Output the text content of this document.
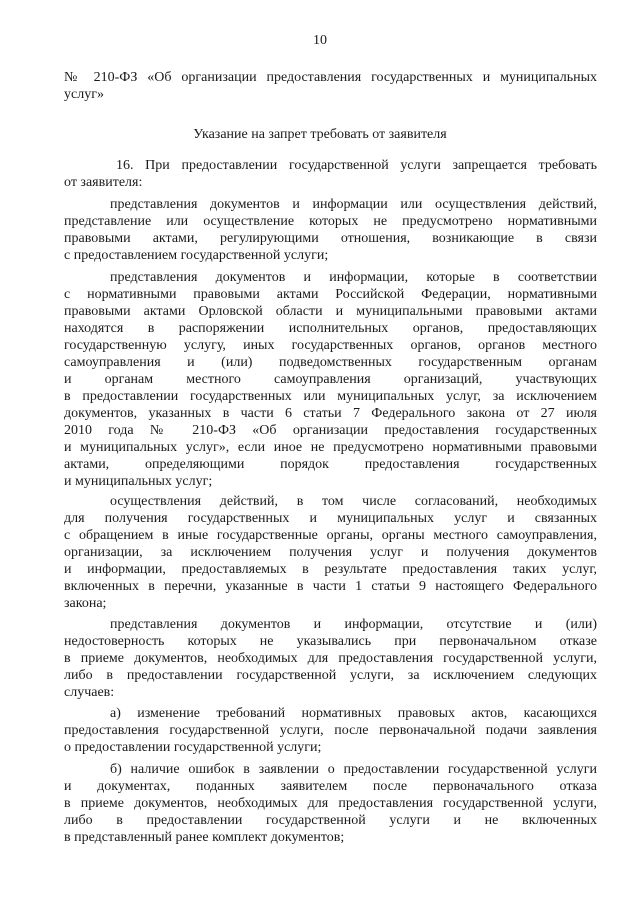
10
№ 210-ФЗ «Об организации предоставления государственных и муниципальных
услуг»
Указание на запрет требовать от заявителя
16. При предоставлении государственной услуги запрещается требовать
от заявителя:
представления документов и информации или осуществления действий,
представление или осуществление которых не предусмотрено нормативными
правовыми актами, регулирующими отношения, возникающие в связи
с предоставлением государственной услуги;
представления документов и информации, которые в соответствии
с нормативными правовыми актами Российской Федерации, нормативными
правовыми актами Орловской области и муниципальными правовыми актами
находятся в распоряжении исполнительных органов, предоставляющих
государственную услугу, иных государственных органов, органов местного
самоуправления и (или) подведомственных государственным органам
и органам местного самоуправления организаций, участвующих
в предоставлении государственных или муниципальных услуг, за исключением
документов, указанных в части 6 статьи 7 Федерального закона от 27 июля
2010 года № 210-ФЗ «Об организации предоставления государственных
и муниципальных услуг», если иное не предусмотрено нормативными правовыми
актами, определяющими порядок предоставления государственных
и муниципальных услуг;
осуществления действий, в том числе согласований, необходимых
для получения государственных и муниципальных услуг и связанных
с обращением в иные государственные органы, органы местного самоуправления,
организации, за исключением получения услуг и получения документов
и информации, предоставляемых в результате предоставления таких услуг,
включенных в перечни, указанные в части 1 статьи 9 настоящего Федерального
закона;
представления документов и информации, отсутствие и (или)
недостоверность которых не указывались при первоначальном отказе
в приеме документов, необходимых для предоставления государственной услуги,
либо в предоставлении государственной услуги, за исключением следующих
случаев:
а) изменение требований нормативных правовых актов, касающихся
предоставления государственной услуги, после первоначальной подачи заявления
о предоставлении государственной услуги;
б) наличие ошибок в заявлении о предоставлении государственной услуги
и документах, поданных заявителем после первоначального отказа
в приеме документов, необходимых для предоставления государственной услуги,
либо в предоставлении государственной услуги и не включенных
в представленный ранее комплект документов;
